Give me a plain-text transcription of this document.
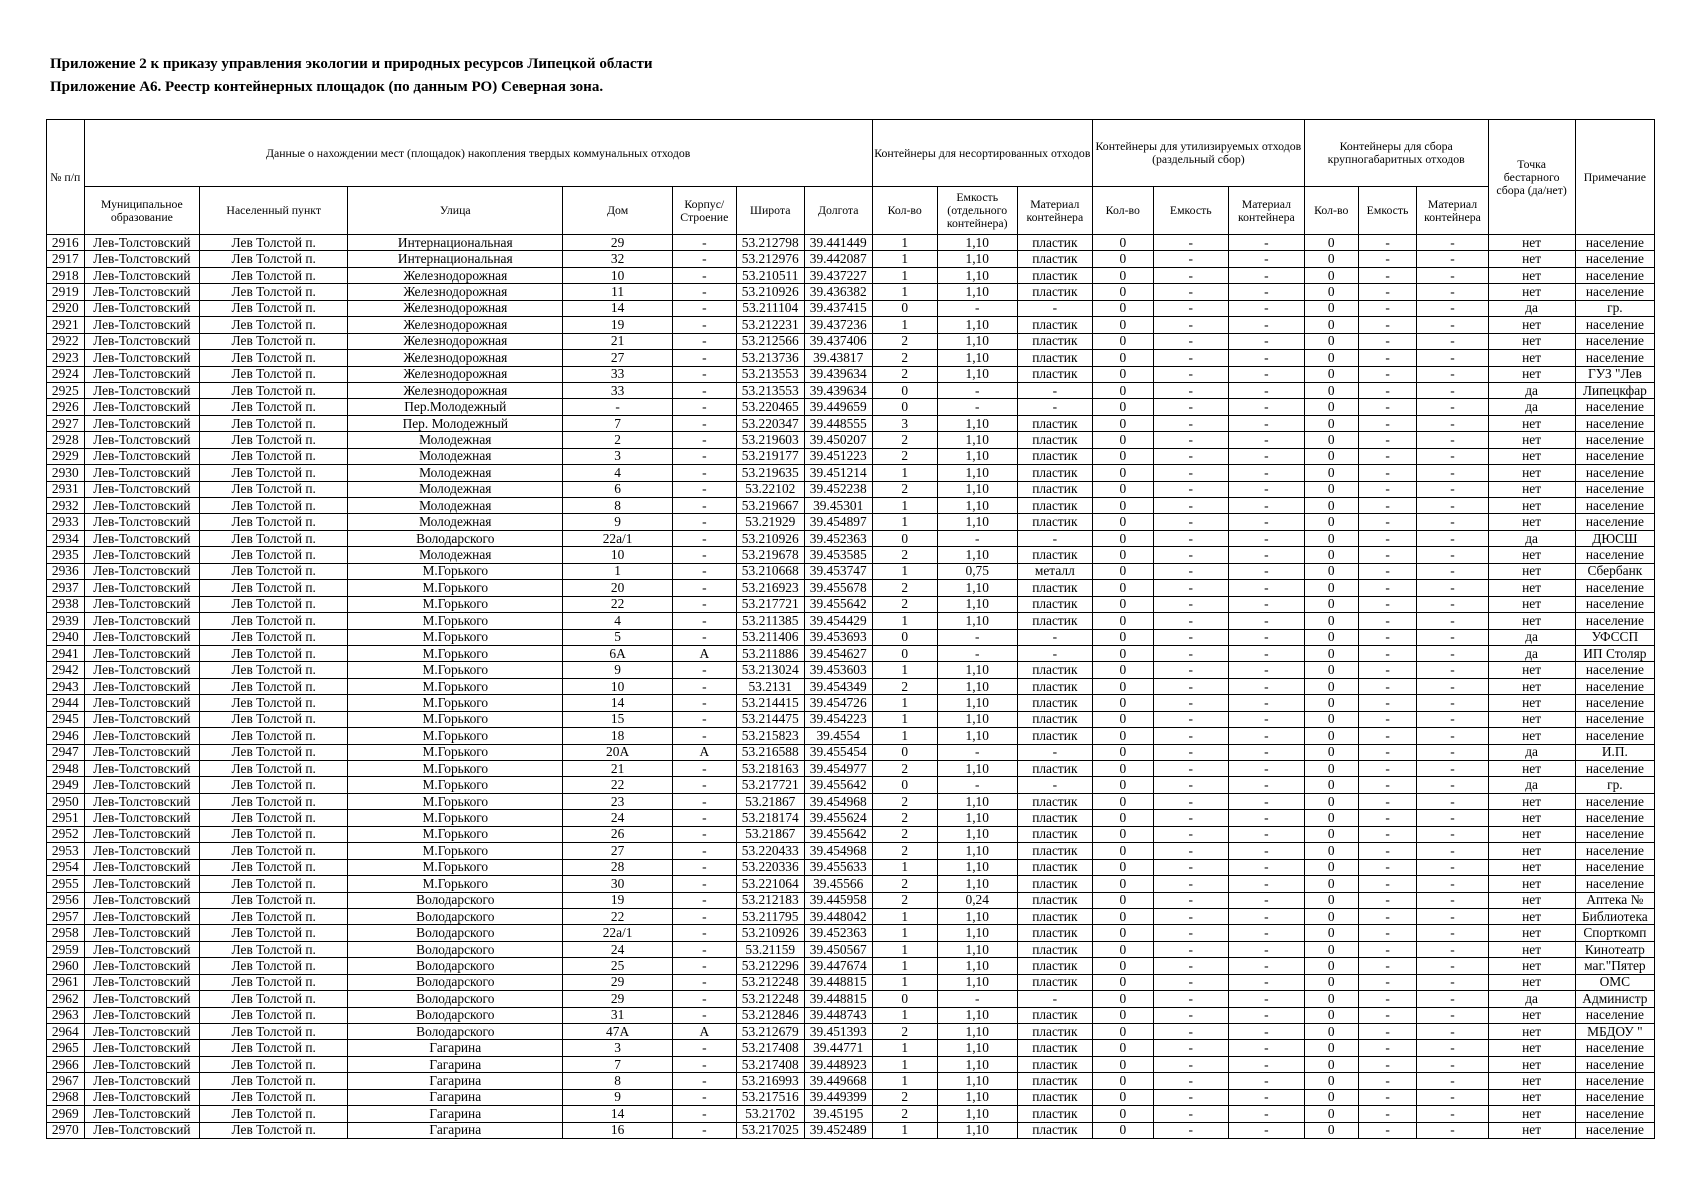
Приложение 2 к приказу управления экологии и природных ресурсов Липецкой области
Приложение А6. Реестр контейнерных площадок (по данным РО) Северная зона.
№ п/п	Данные о нахождении мест (площадок) накопления твердых коммунальных отходов							Контейнеры для несортированных отходов			Контейнеры для утилизируемых отходов (раздельный сбор)			Контейнеры для сбора крупногабаритных отходов			Точка бестарного сбора (да/нет)	Примечание
	Муниципальное образование	Населенный пункт	Улица	Дом	Корпус/ Строение	Широта	Долгота	Кол-во	Емкость (отдельного контейнера)	Материал контейнера	Кол-во	Емкость	Материал контейнера	Кол-во	Емкость	Материал контейнера		
2916	Лев-Толстовский	Лев Толстой п.	Интернациональная	29	-	53.212798	39.441449	1	1,10	пластик	0	-	-	0	-	-	нет	население
2917	Лев-Толстовский	Лев Толстой п.	Интернациональная	32	-	53.212976	39.442087	1	1,10	пластик	0	-	-	0	-	-	нет	население
2918	Лев-Толстовский	Лев Толстой п.	Железнодорожная	10	-	53.210511	39.437227	1	1,10	пластик	0	-	-	0	-	-	нет	население
2919	Лев-Толстовский	Лев Толстой п.	Железнодорожная	11	-	53.210926	39.436382	1	1,10	пластик	0	-	-	0	-	-	нет	население
2920	Лев-Толстовский	Лев Толстой п.	Железнодорожная	14	-	53.211104	39.437415	0	-	-	0	-	-	0	-	-	да	гр.
2921	Лев-Толстовский	Лев Толстой п.	Железнодорожная	19	-	53.212231	39.437236	1	1,10	пластик	0	-	-	0	-	-	нет	население
2922	Лев-Толстовский	Лев Толстой п.	Железнодорожная	21	-	53.212566	39.437406	2	1,10	пластик	0	-	-	0	-	-	нет	население
2923	Лев-Толстовский	Лев Толстой п.	Железнодорожная	27	-	53.213736	39.43817	2	1,10	пластик	0	-	-	0	-	-	нет	население
2924	Лев-Толстовский	Лев Толстой п.	Железнодорожная	33	-	53.213553	39.439634	2	1,10	пластик	0	-	-	0	-	-	нет	ГУЗ "Лев
2925	Лев-Толстовский	Лев Толстой п.	Железнодорожная	33	-	53.213553	39.439634	0	-	-	0	-	-	0	-	-	да	Липецкфар
2926	Лев-Толстовский	Лев Толстой п.	Пер.Молодежный	-	-	53.220465	39.449659	0	-	-	0	-	-	0	-	-	да	население
2927	Лев-Толстовский	Лев Толстой п.	Пер. Молодежный	7	-	53.220347	39.448555	3	1,10	пластик	0	-	-	0	-	-	нет	население
2928	Лев-Толстовский	Лев Толстой п.	Молодежная	2	-	53.219603	39.450207	2	1,10	пластик	0	-	-	0	-	-	нет	население
2929	Лев-Толстовский	Лев Толстой п.	Молодежная	3	-	53.219177	39.451223	2	1,10	пластик	0	-	-	0	-	-	нет	население
2930	Лев-Толстовский	Лев Толстой п.	Молодежная	4	-	53.219635	39.451214	1	1,10	пластик	0	-	-	0	-	-	нет	население
2931	Лев-Толстовский	Лев Толстой п.	Молодежная	6	-	53.22102	39.452238	2	1,10	пластик	0	-	-	0	-	-	нет	население
2932	Лев-Толстовский	Лев Толстой п.	Молодежная	8	-	53.219667	39.45301	1	1,10	пластик	0	-	-	0	-	-	нет	население
2933	Лев-Толстовский	Лев Толстой п.	Молодежная	9	-	53.21929	39.454897	1	1,10	пластик	0	-	-	0	-	-	нет	население
2934	Лев-Толстовский	Лев Толстой п.	Володарского	22а/1	-	53.210926	39.452363	0	-	-	0	-	-	0	-	-	да	ДЮСШ
2935	Лев-Толстовский	Лев Толстой п.	Молодежная	10	-	53.219678	39.453585	2	1,10	пластик	0	-	-	0	-	-	нет	население
2936	Лев-Толстовский	Лев Толстой п.	М.Горького	1	-	53.210668	39.453747	1	0,75	металл	0	-	-	0	-	-	нет	Сбербанк
2937	Лев-Толстовский	Лев Толстой п.	М.Горького	20	-	53.216923	39.455678	2	1,10	пластик	0	-	-	0	-	-	нет	население
2938	Лев-Толстовский	Лев Толстой п.	М.Горького	22	-	53.217721	39.455642	2	1,10	пластик	0	-	-	0	-	-	нет	население
2939	Лев-Толстовский	Лев Толстой п.	М.Горького	4	-	53.211385	39.454429	1	1,10	пластик	0	-	-	0	-	-	нет	население
2940	Лев-Толстовский	Лев Толстой п.	М.Горького	5	-	53.211406	39.453693	0	-	-	0	-	-	0	-	-	да	УФССП
2941	Лев-Толстовский	Лев Толстой п.	М.Горького	6А	А	53.211886	39.454627	0	-	-	0	-	-	0	-	-	да	ИП Столяр
2942	Лев-Толстовский	Лев Толстой п.	М.Горького	9	-	53.213024	39.453603	1	1,10	пластик	0	-	-	0	-	-	нет	население
2943	Лев-Толстовский	Лев Толстой п.	М.Горького	10	-	53.2131	39.454349	2	1,10	пластик	0	-	-	0	-	-	нет	население
2944	Лев-Толстовский	Лев Толстой п.	М.Горького	14	-	53.214415	39.454726	1	1,10	пластик	0	-	-	0	-	-	нет	население
2945	Лев-Толстовский	Лев Толстой п.	М.Горького	15	-	53.214475	39.454223	1	1,10	пластик	0	-	-	0	-	-	нет	население
2946	Лев-Толстовский	Лев Толстой п.	М.Горького	18	-	53.215823	39.4554	1	1,10	пластик	0	-	-	0	-	-	нет	население
2947	Лев-Толстовский	Лев Толстой п.	М.Горького	20А	А	53.216588	39.455454	0	-	-	0	-	-	0	-	-	да	И.П.
2948	Лев-Толстовский	Лев Толстой п.	М.Горького	21	-	53.218163	39.454977	2	1,10	пластик	0	-	-	0	-	-	нет	население
2949	Лев-Толстовский	Лев Толстой п.	М.Горького	22	-	53.217721	39.455642	0	-	-	0	-	-	0	-	-	да	гр.
2950	Лев-Толстовский	Лев Толстой п.	М.Горького	23	-	53.21867	39.454968	2	1,10	пластик	0	-	-	0	-	-	нет	население
2951	Лев-Толстовский	Лев Толстой п.	М.Горького	24	-	53.218174	39.455624	2	1,10	пластик	0	-	-	0	-	-	нет	население
2952	Лев-Толстовский	Лев Толстой п.	М.Горького	26	-	53.21867	39.455642	2	1,10	пластик	0	-	-	0	-	-	нет	население
2953	Лев-Толстовский	Лев Толстой п.	М.Горького	27	-	53.220433	39.454968	2	1,10	пластик	0	-	-	0	-	-	нет	население
2954	Лев-Толстовский	Лев Толстой п.	М.Горького	28	-	53.220336	39.455633	1	1,10	пластик	0	-	-	0	-	-	нет	население
2955	Лев-Толстовский	Лев Толстой п.	М.Горького	30	-	53.221064	39.45566	2	1,10	пластик	0	-	-	0	-	-	нет	население
2956	Лев-Толстовский	Лев Толстой п.	Володарского	19	-	53.212183	39.445958	2	0,24	пластик	0	-	-	0	-	-	нет	Аптека №
2957	Лев-Толстовский	Лев Толстой п.	Володарского	22	-	53.211795	39.448042	1	1,10	пластик	0	-	-	0	-	-	нет	Библиотека
2958	Лев-Толстовский	Лев Толстой п.	Володарского	22а/1	-	53.210926	39.452363	1	1,10	пластик	0	-	-	0	-	-	нет	Спорткомп
2959	Лев-Толстовский	Лев Толстой п.	Володарского	24	-	53.21159	39.450567	1	1,10	пластик	0	-	-	0	-	-	нет	Кинотеатр
2960	Лев-Толстовский	Лев Толстой п.	Володарского	25	-	53.212296	39.447674	1	1,10	пластик	0	-	-	0	-	-	нет	маг."Пятер
2961	Лев-Толстовский	Лев Толстой п.	Володарского	29	-	53.212248	39.448815	1	1,10	пластик	0	-	-	0	-	-	нет	ОМС
2962	Лев-Толстовский	Лев Толстой п.	Володарского	29	-	53.212248	39.448815	0	-	-	0	-	-	0	-	-	да	Администр
2963	Лев-Толстовский	Лев Толстой п.	Володарского	31	-	53.212846	39.448743	1	1,10	пластик	0	-	-	0	-	-	нет	население
2964	Лев-Толстовский	Лев Толстой п.	Володарского	47А	А	53.212679	39.451393	2	1,10	пластик	0	-	-	0	-	-	нет	МБДОУ "
2965	Лев-Толстовский	Лев Толстой п.	Гагарина	3	-	53.217408	39.44771	1	1,10	пластик	0	-	-	0	-	-	нет	население
2966	Лев-Толстовский	Лев Толстой п.	Гагарина	7	-	53.217408	39.448923	1	1,10	пластик	0	-	-	0	-	-	нет	население
2967	Лев-Толстовский	Лев Толстой п.	Гагарина	8	-	53.216993	39.449668	1	1,10	пластик	0	-	-	0	-	-	нет	население
2968	Лев-Толстовский	Лев Толстой п.	Гагарина	9	-	53.217516	39.449399	2	1,10	пластик	0	-	-	0	-	-	нет	население
2969	Лев-Толстовский	Лев Толстой п.	Гагарина	14	-	53.21702	39.45195	2	1,10	пластик	0	-	-	0	-	-	нет	население
2970	Лев-Толстовский	Лев Толстой п.	Гагарина	16	-	53.217025	39.452489	1	1,10	пластик	0	-	-	0	-	-	нет	население
